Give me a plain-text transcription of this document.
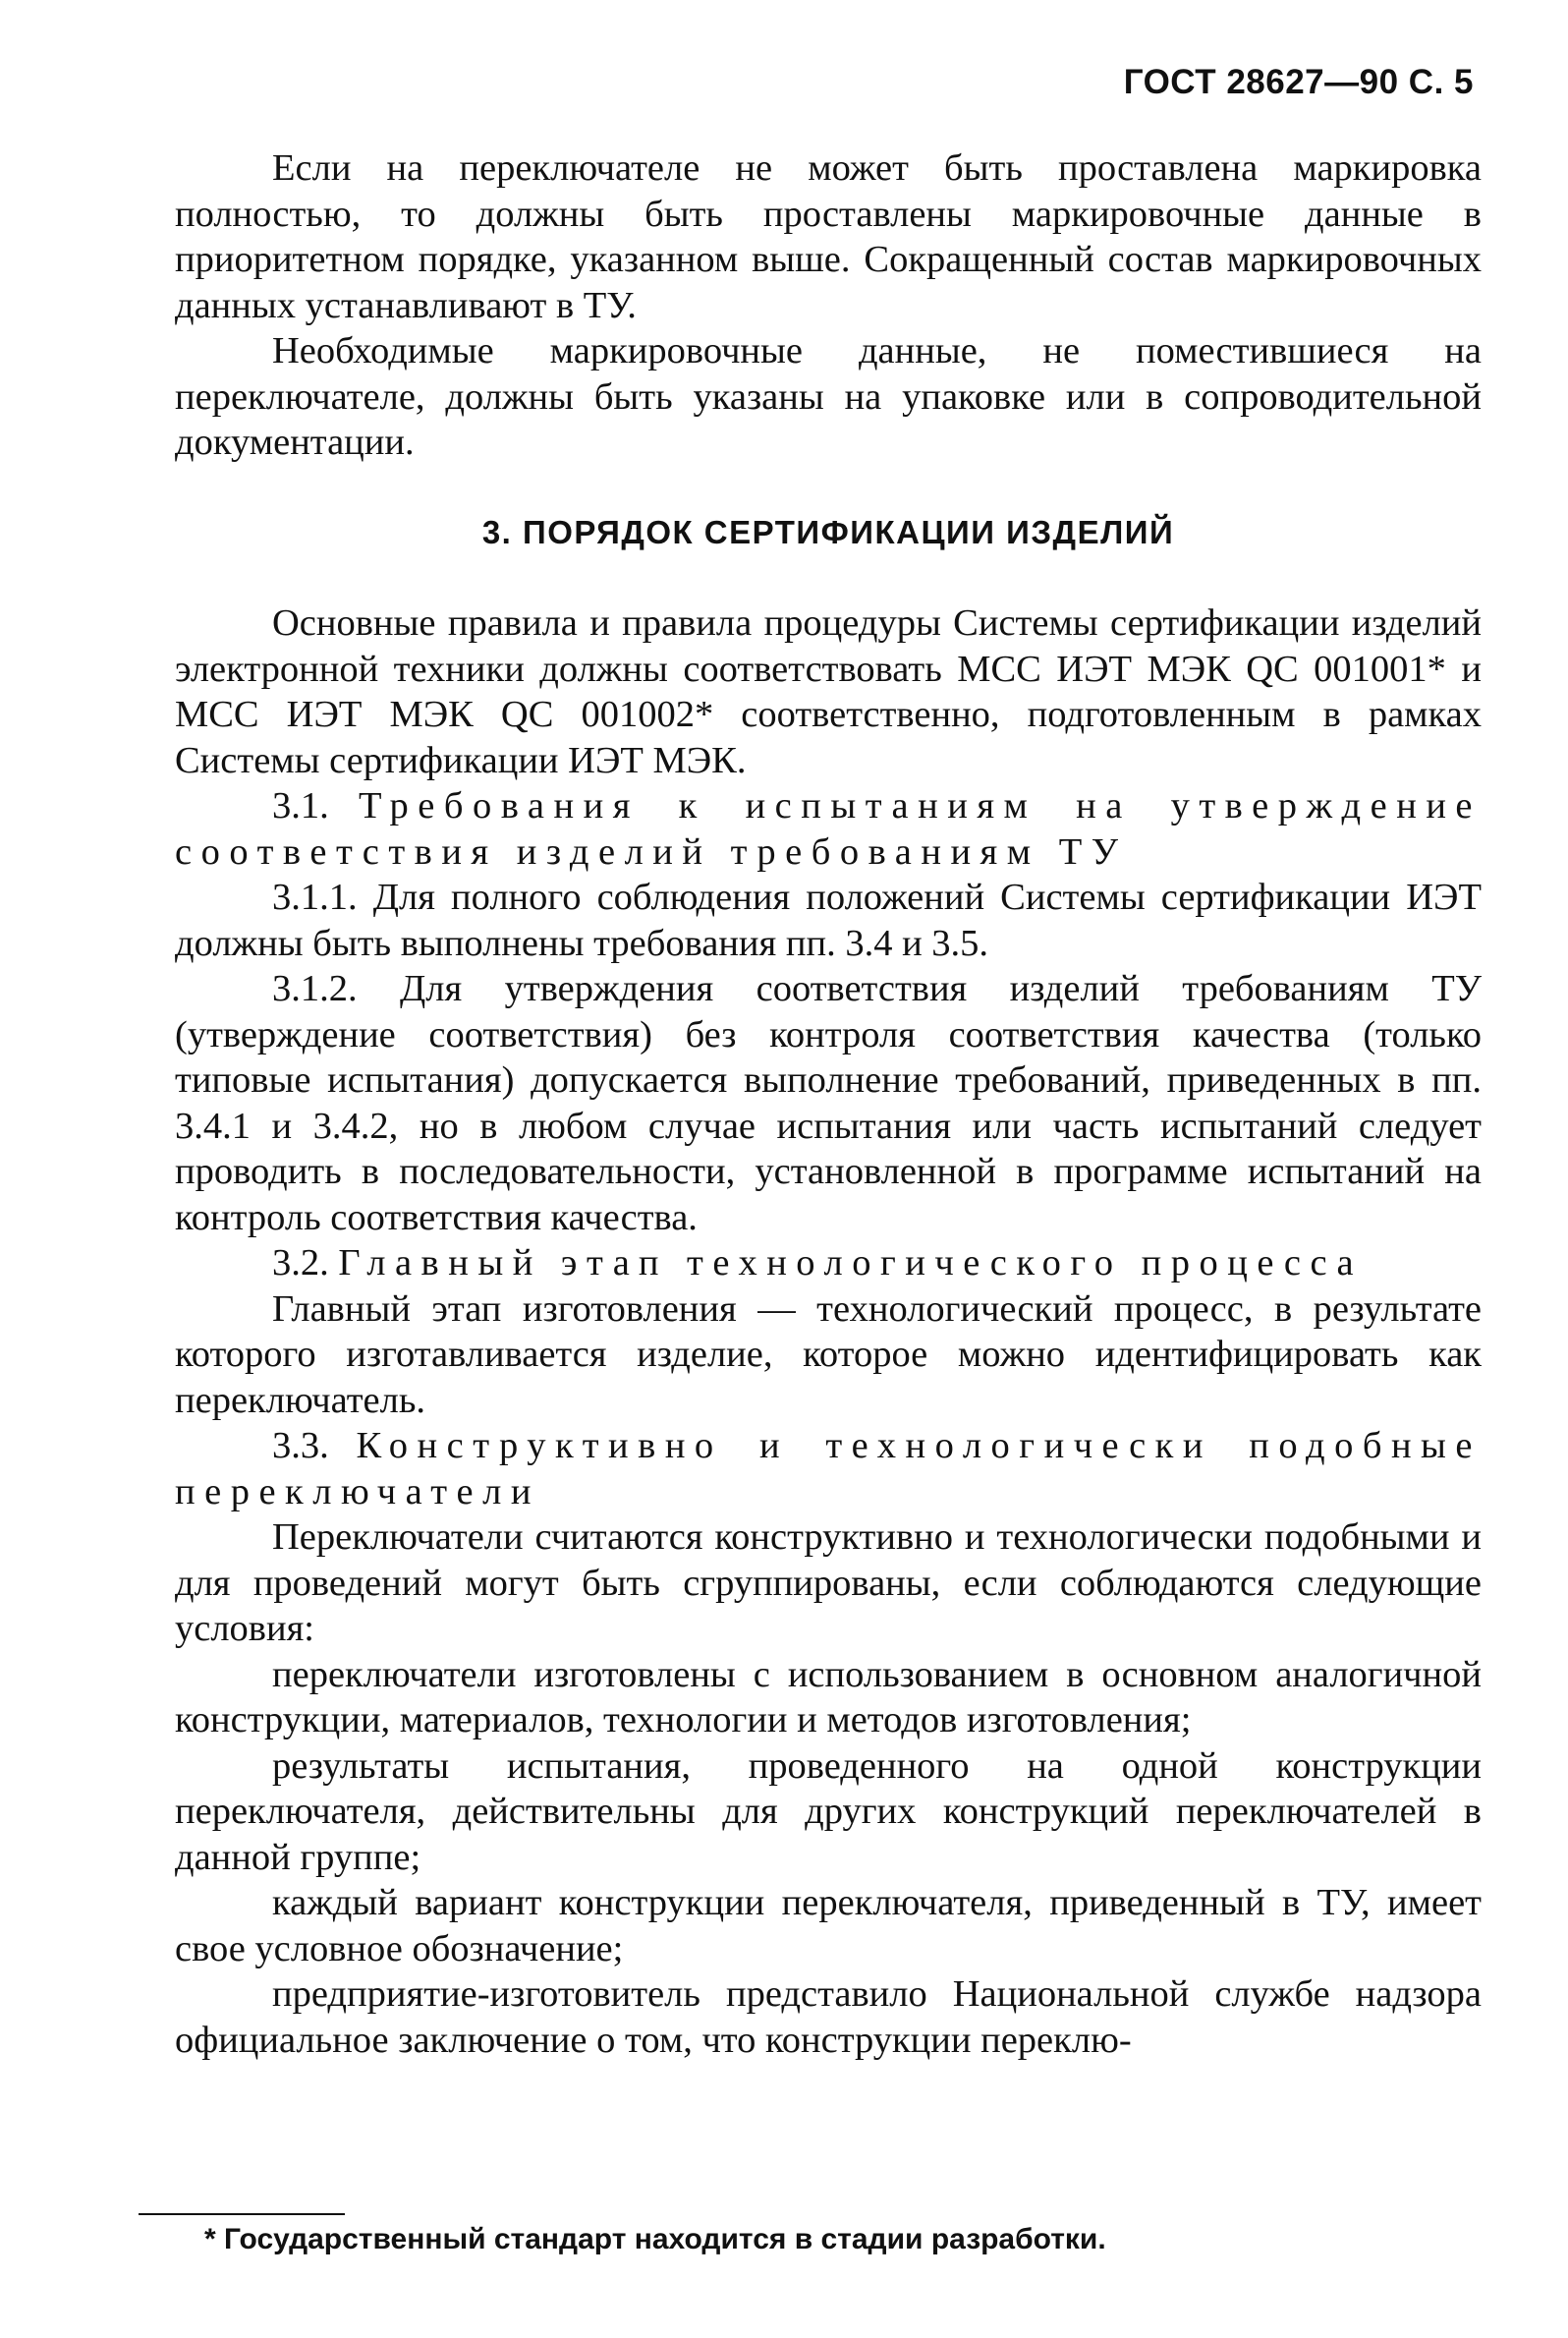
ГОСТ 28627—90 С. 5

Если на переключателе не может быть проставлена маркировка полностью, то должны быть проставлены маркировочные данные в приоритетном порядке, указанном выше. Сокращенный состав маркировочных данных устанавливают в ТУ.

Необходимые маркировочные данные, не поместившиеся на переключателе, должны быть указаны на упаковке или в сопроводительной документации.

3. ПОРЯДОК СЕРТИФИКАЦИИ ИЗДЕЛИЙ

Основные правила и правила процедуры Системы сертификации изделий электронной техники должны соответствовать МСС ИЭТ МЭК QC 001001* и МСС ИЭТ МЭК QC 001002* соответственно, подготовленным в рамках Системы сертификации ИЭТ МЭК.

3.1. Требования к испытаниям на утверждение соответствия изделий требованиям ТУ

3.1.1. Для полного соблюдения положений Системы сертификации ИЭТ должны быть выполнены требования пп. 3.4 и 3.5.

3.1.2. Для утверждения соответствия изделий требованиям ТУ (утверждение соответствия) без контроля соответствия качества (только типовые испытания) допускается выполнение требований, приведенных в пп. 3.4.1 и 3.4.2, но в любом случае испытания или часть испытаний следует проводить в последовательности, установленной в программе испытаний на контроль соответствия качества.

3.2. Главный этап технологического процесса

Главный этап изготовления — технологический процесс, в результате которого изготавливается изделие, которое можно идентифицировать как переключатель.

3.3. Конструктивно и технологически подобные переключатели

Переключатели считаются конструктивно и технологически подобными и для проведений могут быть сгруппированы, если соблюдаются следующие условия:

переключатели изготовлены с использованием в основном аналогичной конструкции, материалов, технологии и методов изготовления;

результаты испытания, проведенного на одной конструкции переключателя, действительны для других конструкций переключателей в данной группе;

каждый вариант конструкции переключателя, приведенный в ТУ, имеет свое условное обозначение;

предприятие-изготовитель представило Национальной службе надзора официальное заключение о том, что конструкции переклю-

* Государственный стандарт находится в стадии разработки.
